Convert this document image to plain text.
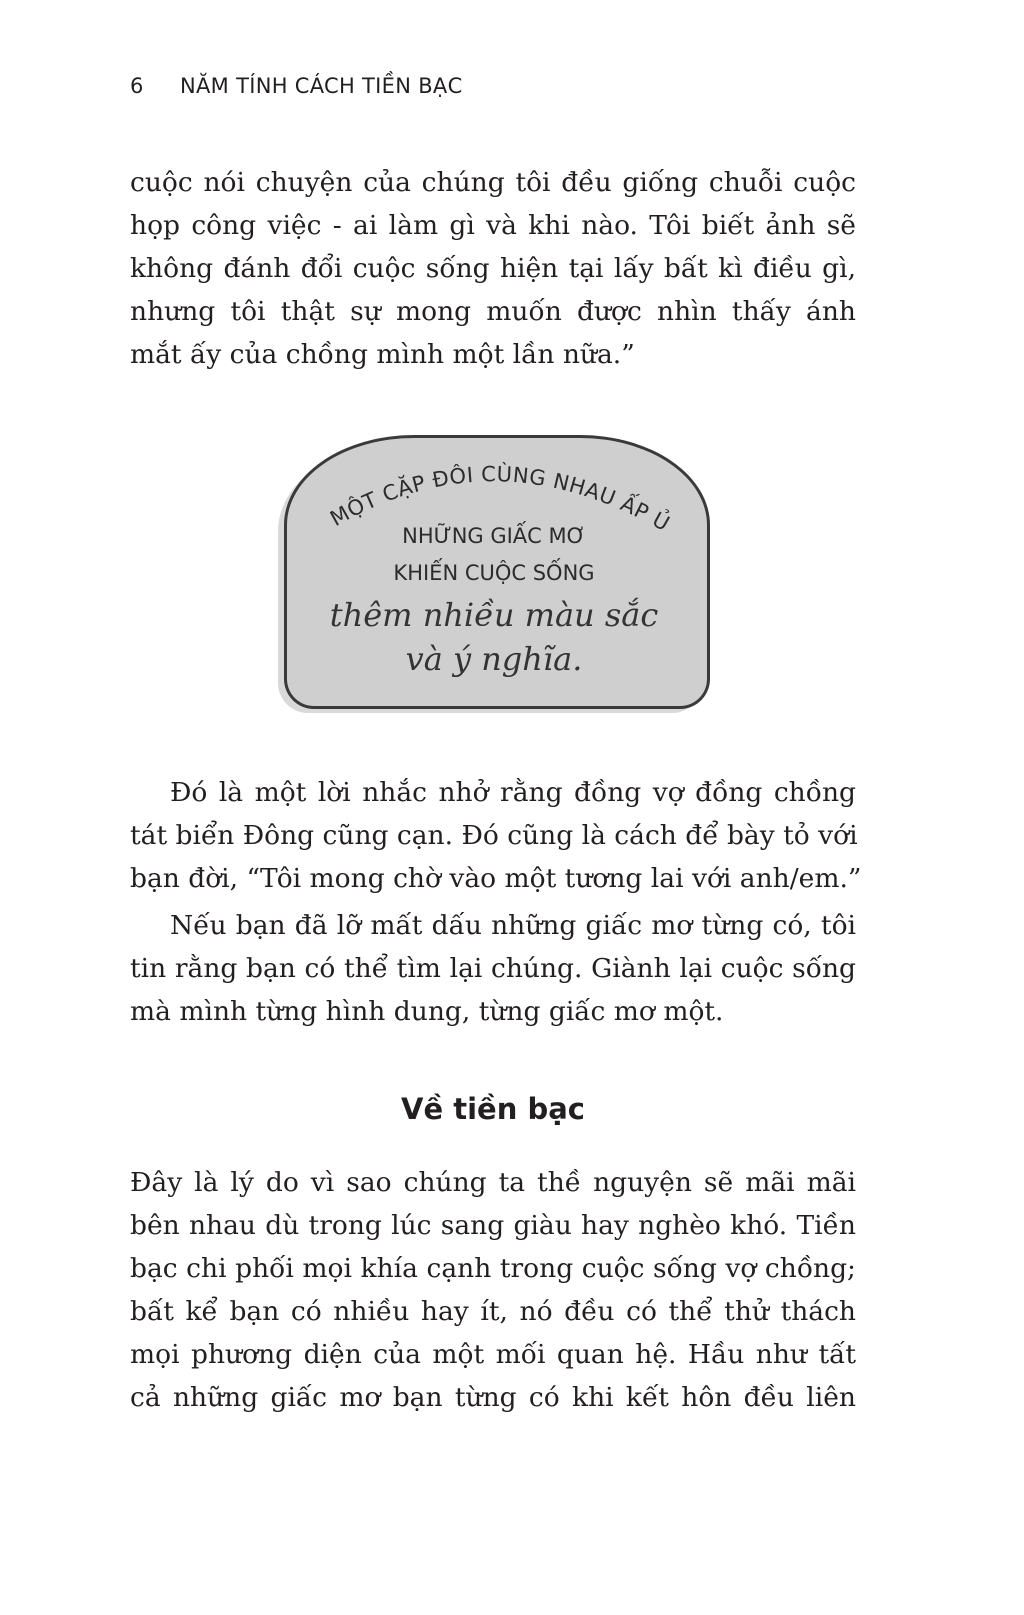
6	NĂM TÍNH CÁCH TIỀN BẠC
cuộc nói chuyện của chúng tôi đều giống chuỗi cuộc
họp công việc - ai làm gì và khi nào. Tôi biết ảnh sẽ
không đánh đổi cuộc sống hiện tại lấy bất kì điều gì,
nhưng tôi thật sự mong muốn được nhìn thấy ánh
mắt ấy của chồng mình một lần nữa.”
MỘT CẶP ĐÔI CÙNG NHAU ẤP Ủ
NHỮNG GIẤC MƠ
KHIẾN CUỘC SỐNG
thêm nhiều màu sắc
và ý nghĩa.
Đó là một lời nhắc nhở rằng đồng vợ đồng chồng
tát biển Đông cũng cạn. Đó cũng là cách để bày tỏ với
bạn đời, “Tôi mong chờ vào một tương lai với anh/em.”
Nếu bạn đã lỡ mất dấu những giấc mơ từng có, tôi
tin rằng bạn có thể tìm lại chúng. Giành lại cuộc sống
mà mình từng hình dung, từng giấc mơ một.
Về tiền bạc
Đây là lý do vì sao chúng ta thề nguyện sẽ mãi mãi
bên nhau dù trong lúc sang giàu hay nghèo khó. Tiền
bạc chi phối mọi khía cạnh trong cuộc sống vợ chồng;
bất kể bạn có nhiều hay ít, nó đều có thể thử thách
mọi phương diện của một mối quan hệ. Hầu như tất
cả những giấc mơ bạn từng có khi kết hôn đều liên
